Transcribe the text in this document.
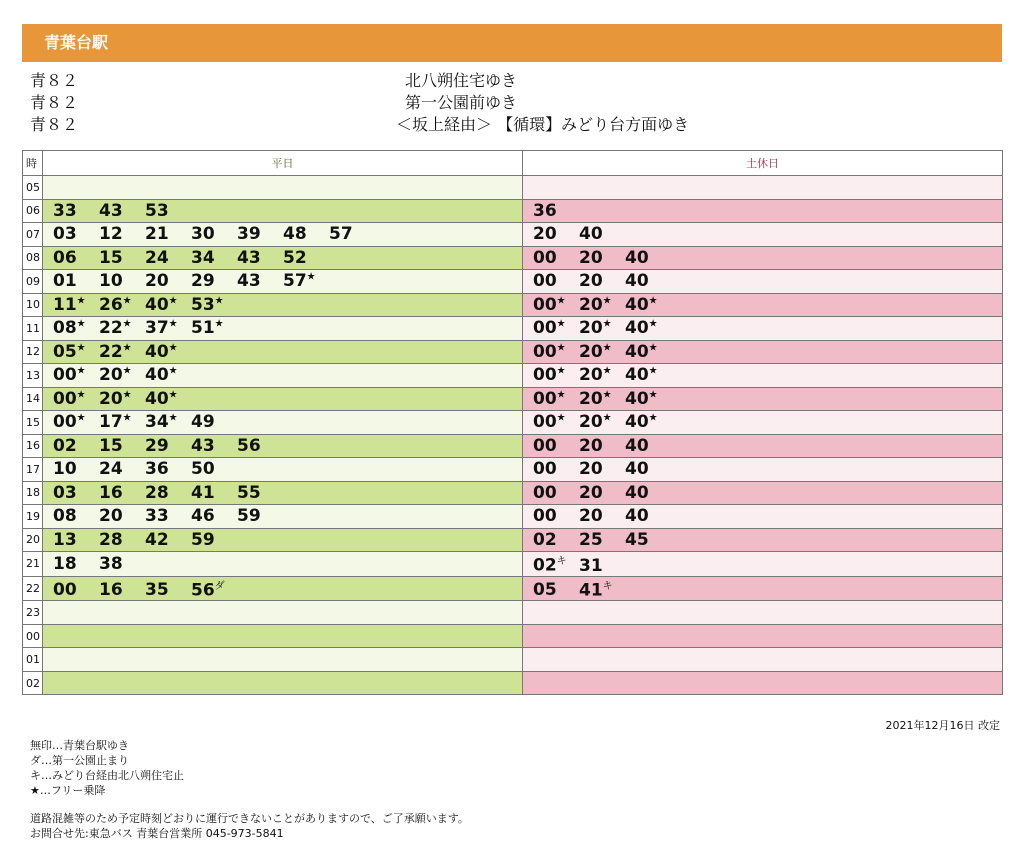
青葉台駅
青８２	北八朔住宅ゆき
青８２	第一公園前ゆき
青８２	＜坂上経由＞ 【循環】みどり台方面ゆき
時	平日	土休日
05	

06	33 43 53	36

07	03 12 21 30 39 48 57	20 40

08	06 15 24 34 43 52	00 20 40

09	01 10 20 29 43 57★	00 20 40

10	11★ 26★ 40★ 53★	00★ 20★ 40★

11	08★ 22★ 37★ 51★	00★ 20★ 40★

12	05★ 22★ 40★	00★ 20★ 40★

13	00★ 20★ 40★	00★ 20★ 40★

14	00★ 20★ 40★	00★ 20★ 40★

15	00★ 17★ 34★ 49	00★ 20★ 40★

16	02 15 29 43 56	00 20 40

17	10 24 36 50	00 20 40

18	03 16 28 41 55	00 20 40

19	08 20 33 46 59	00 20 40

20	13 28 42 59	02 25 45

21	18 38	$02^キ$ 31

22	00 16 35 $56^ダ$	05 $41^キ$

23	

00	

01	

02	

2021年12月16日 改定
無印…青葉台駅ゆき
ダ…第一公園止まり
キ…みどり台経由北八朔住宅止
★…フリー乗降
道路混雑等のため予定時刻どおりに運行できないことがありますので、ご了承願います。
お問合せ先:東急バス 青葉台営業所 045-973-5841
